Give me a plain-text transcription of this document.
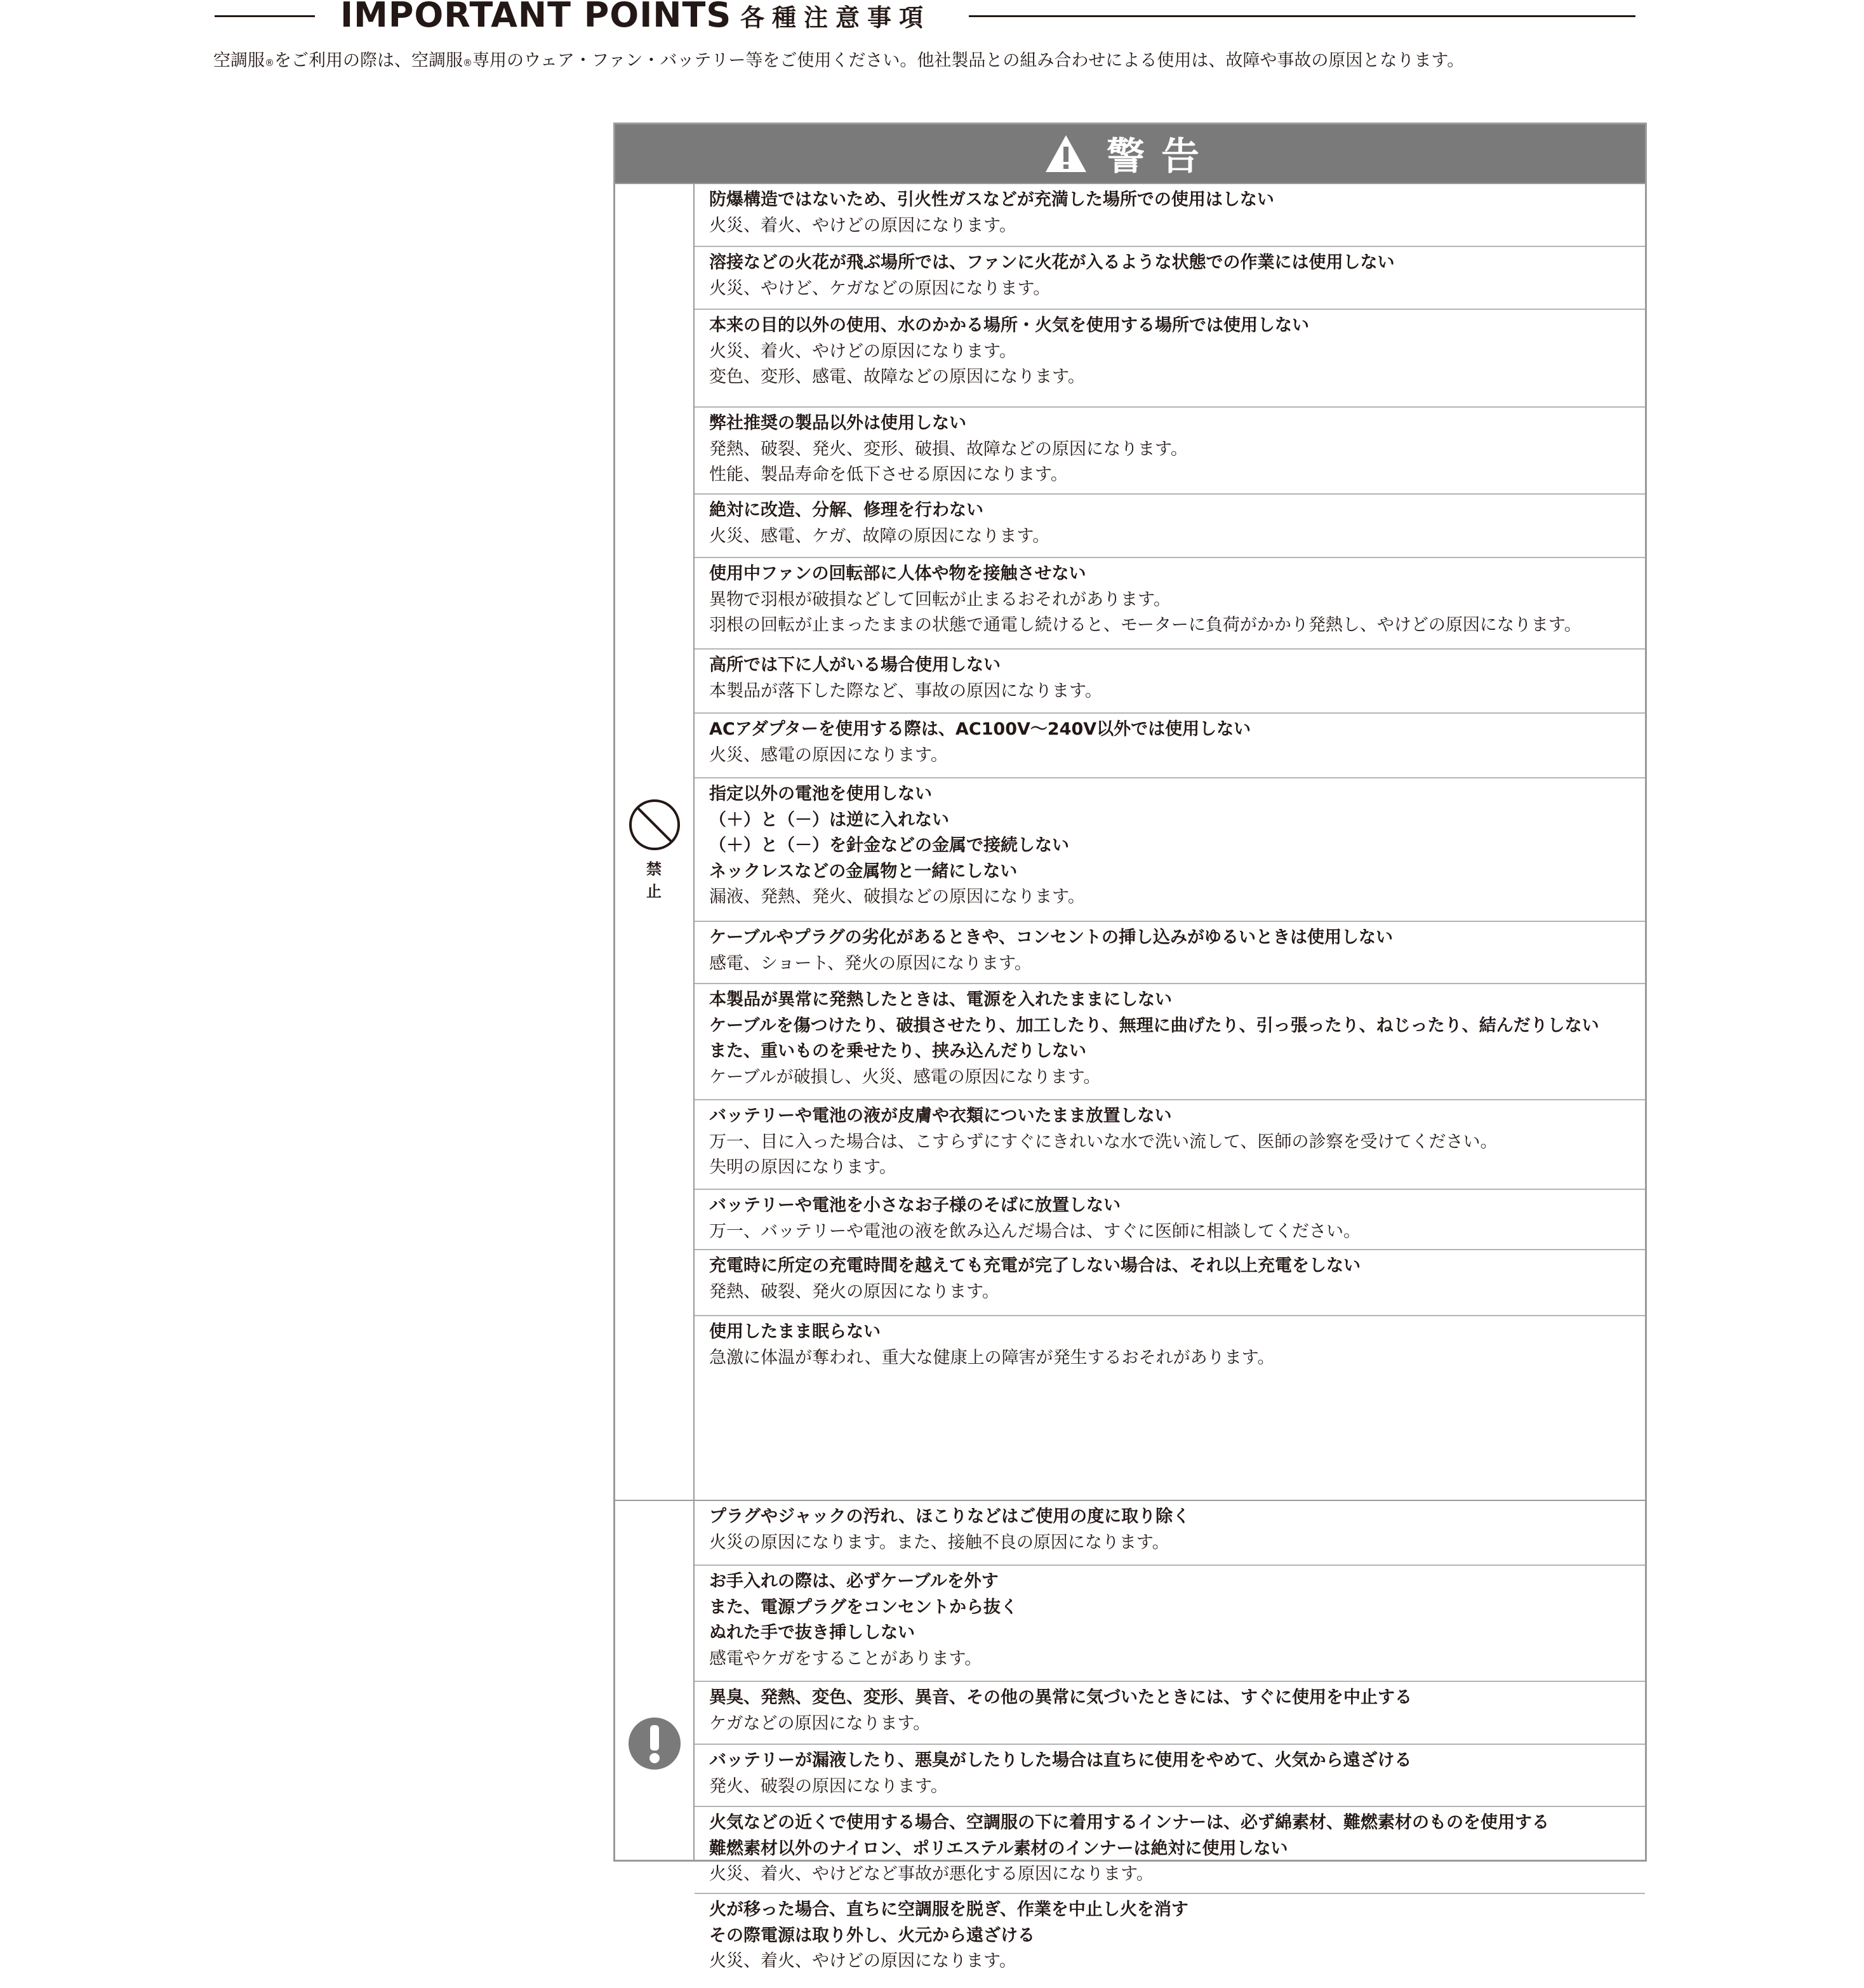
IMPORTANT POINTS 各種注意事項
空調服®をご利用の際は、空調服®専用のウェア・ファン・バッテリー等をご使用ください。他社製品との組み合わせによる使用は、故障や事故の原因となります。
警告
禁止
防爆構造ではないため、引火性ガスなどが充満した場所での使用はしない
火災、着火、やけどの原因になります。
溶接などの火花が飛ぶ場所では、ファンに火花が入るような状態での作業には使用しない
火災、やけど、ケガなどの原因になります。
本来の目的以外の使用、水のかかる場所・火気を使用する場所では使用しない
火災、着火、やけどの原因になります。
変色、変形、感電、故障などの原因になります。
弊社推奨の製品以外は使用しない
発熱、破裂、発火、変形、破損、故障などの原因になります。
性能、製品寿命を低下させる原因になります。
絶対に改造、分解、修理を行わない
火災、感電、ケガ、故障の原因になります。
使用中ファンの回転部に人体や物を接触させない
異物で羽根が破損などして回転が止まるおそれがあります。
羽根の回転が止まったままの状態で通電し続けると、モーターに負荷がかかり発熱し、やけどの原因になります。
高所では下に人がいる場合使用しない
本製品が落下した際など、事故の原因になります。
ACアダプターを使用する際は、AC100V〜240V以外では使用しない
火災、感電の原因になります。
指定以外の電池を使用しない
（＋）と（－）は逆に入れない
（＋）と（－）を針金などの金属で接続しない
ネックレスなどの金属物と一緒にしない
漏液、発熱、発火、破損などの原因になります。
ケーブルやプラグの劣化があるときや、コンセントの挿し込みがゆるいときは使用しない
感電、ショート、発火の原因になります。
本製品が異常に発熱したときは、電源を入れたままにしない
ケーブルを傷つけたり、破損させたり、加工したり、無理に曲げたり、引っ張ったり、ねじったり、結んだりしない
また、重いものを乗せたり、挟み込んだりしない
ケーブルが破損し、火災、感電の原因になります。
バッテリーや電池の液が皮膚や衣類についたまま放置しない
万一、目に入った場合は、こすらずにすぐにきれいな水で洗い流して、医師の診察を受けてください。
失明の原因になります。
バッテリーや電池を小さなお子様のそばに放置しない
万一、バッテリーや電池の液を飲み込んだ場合は、すぐに医師に相談してください。
充電時に所定の充電時間を越えても充電が完了しない場合は、それ以上充電をしない
発熱、破裂、発火の原因になります。
使用したまま眠らない
急激に体温が奪われ、重大な健康上の障害が発生するおそれがあります。
プラグやジャックの汚れ、ほこりなどはご使用の度に取り除く
火災の原因になります。また、接触不良の原因になります。
お手入れの際は、必ずケーブルを外す
また、電源プラグをコンセントから抜く
ぬれた手で抜き挿ししない
感電やケガをすることがあります。
異臭、発熱、変色、変形、異音、その他の異常に気づいたときには、すぐに使用を中止する
ケガなどの原因になります。
バッテリーが漏液したり、悪臭がしたりした場合は直ちに使用をやめて、火気から遠ざける
発火、破裂の原因になります。
火気などの近くで使用する場合、空調服の下に着用するインナーは、必ず綿素材、難燃素材のものを使用する
難燃素材以外のナイロン、ポリエステル素材のインナーは絶対に使用しない
火災、着火、やけどなど事故が悪化する原因になります。
火が移った場合、直ちに空調服を脱ぎ、作業を中止し火を消す
その際電源は取り外し、火元から遠ざける
火災、着火、やけどの原因になります。
